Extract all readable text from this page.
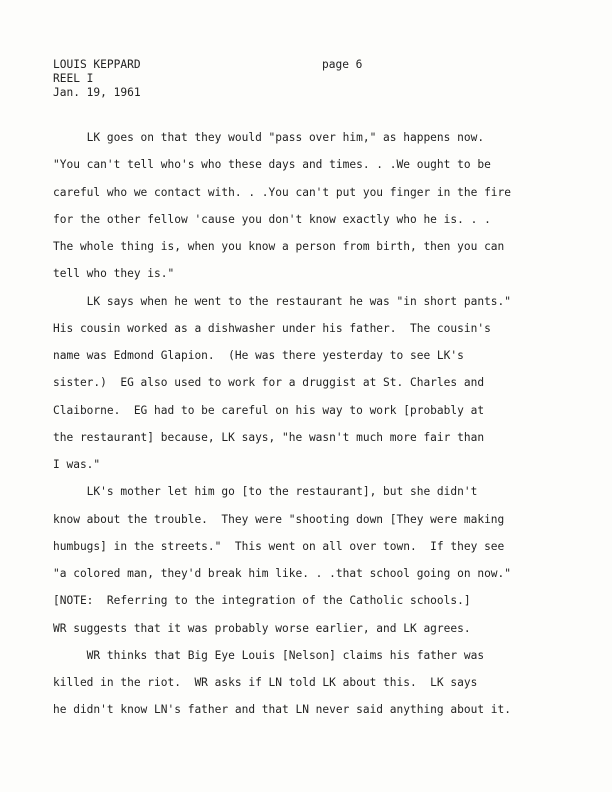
LOUIS KEPPARD
REEL I
Jan. 19, 1961
page 6
LK goes on that they would "pass over him," as happens now.
"You can't tell who's who these days and times. . .We ought to be
careful who we contact with. . .You can't put you finger in the fire
for the other fellow 'cause you don't know exactly who he is. . .
The whole thing is, when you know a person from birth, then you can
tell who they is."
LK says when he went to the restaurant he was "in short pants."
His cousin worked as a dishwasher under his father.  The cousin's
name was Edmond Glapion.  (He was there yesterday to see LK's
sister.)  EG also used to work for a druggist at St. Charles and
Claiborne.  EG had to be careful on his way to work [probably at
the restaurant] because, LK says, "he wasn't much more fair than
I was."
LK's mother let him go [to the restaurant], but she didn't
know about the trouble.  They were "shooting down [They were making
humbugs] in the streets."  This went on all over town.  If they see
"a colored man, they'd break him like. . .that school going on now."
[NOTE:  Referring to the integration of the Catholic schools.]
WR suggests that it was probably worse earlier, and LK agrees.
WR thinks that Big Eye Louis [Nelson] claims his father was
killed in the riot.  WR asks if LN told LK about this.  LK says
he didn't know LN's father and that LN never said anything about it.
